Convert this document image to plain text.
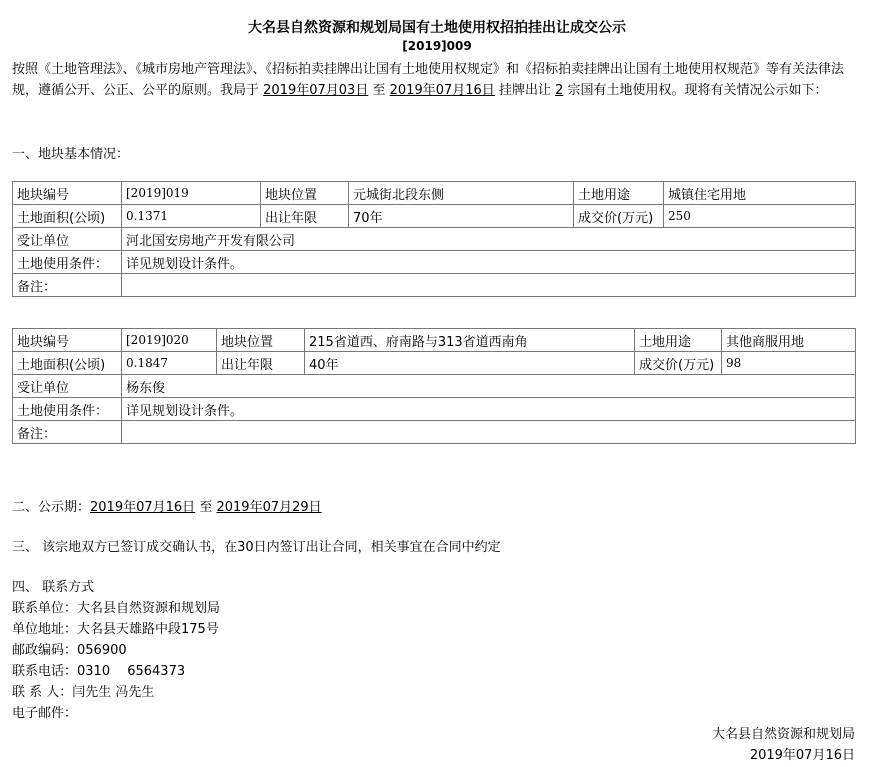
大名县自然资源和规划局国有土地使用权招拍挂出让成交公示
[2019]009
按照《土地管理法》、《城市房地产管理法》、《招标拍卖挂牌出让国有土地使用权规定》和《招标拍卖挂牌出让国有土地使用权规范》等有关法律法规，遵循公开、公正、公平的原则。我局于 2019年07月03日 至 2019年07月16日 挂牌出让 2 宗国有土地使用权。现将有关情况公示如下：
一、地块基本情况：
地块编号	[2019]019	地块位置	元城街北段东侧	土地用途	城镇住宅用地
土地面积(公顷)	0.1371	出让年限	70年	成交价(万元)	250
受让单位	河北国安房地产开发有限公司				
土地使用条件：	详见规划设计条件。				
备注：					
地块编号	[2019]020	地块位置	215省道西、府南路与313省道西南角	土地用途	其他商服用地
土地面积(公顷)	0.1847	出让年限	40年	成交价(万元)	98
受让单位	杨东俊				
土地使用条件：	详见规划设计条件。				
备注：					
二、公示期：2019年07月16日 至 2019年07月29日
三、 该宗地双方已签订成交确认书，在30日内签订出让合同，相关事宜在合同中约定
四、 联系方式
联系单位：大名县自然资源和规划局
单位地址：大名县天雄路中段175号
邮政编码：056900
联系电话：0310　 6564373
联 系 人：闫先生 冯先生
电子邮件：
大名县自然资源和规划局
2019年07月16日
